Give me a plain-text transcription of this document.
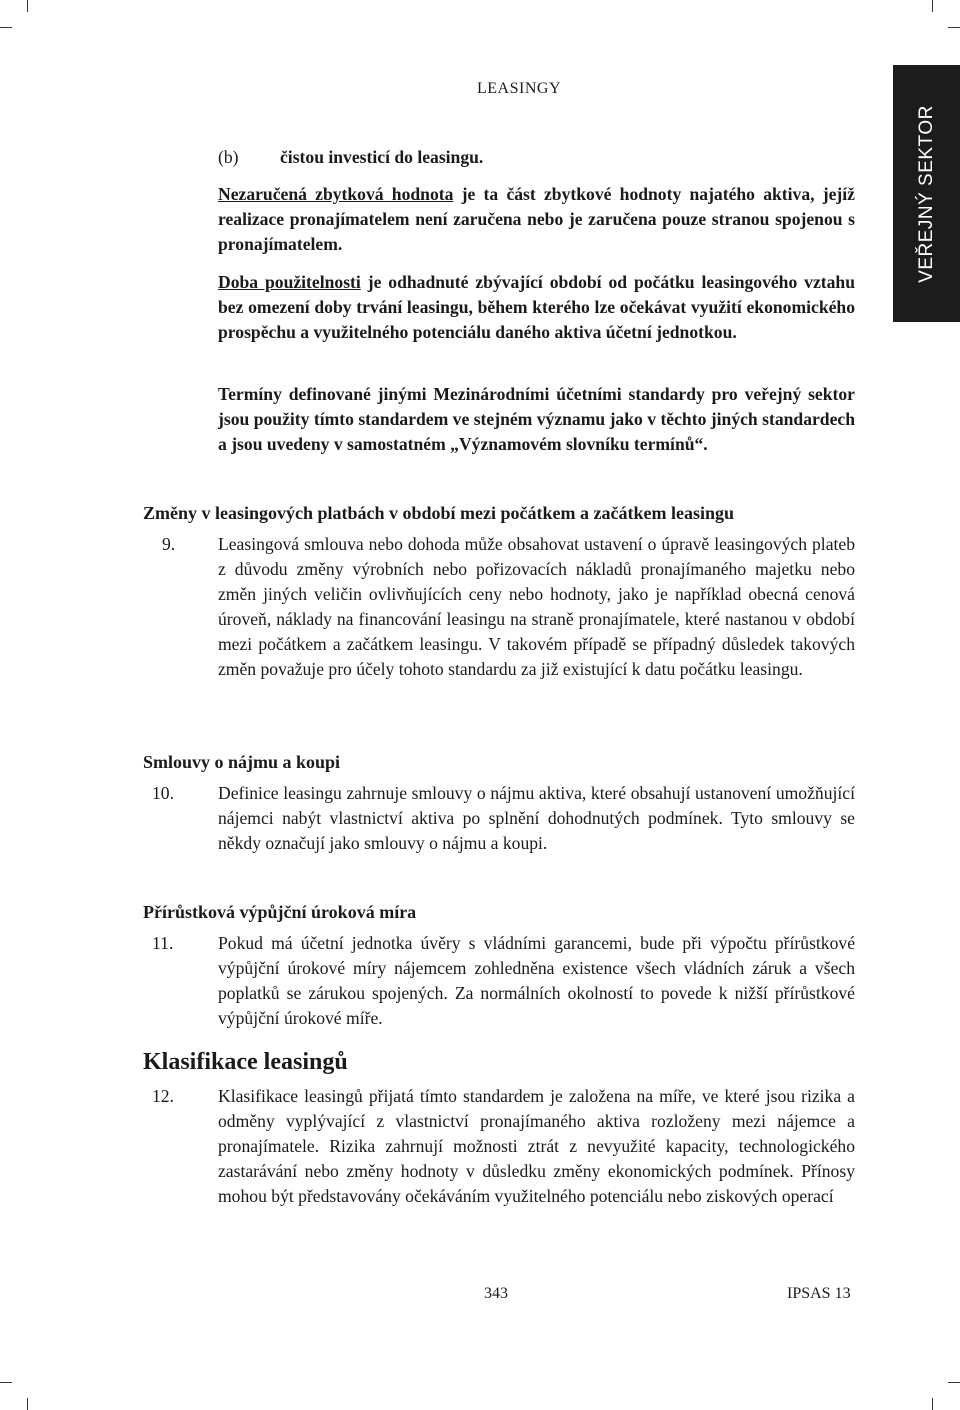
LEASINGY
VEŘEJNÝ SEKTOR
(b) čistou investicí do leasingu.
Nezaručená zbytková hodnota je ta část zbytkové hodnoty najatého aktiva, jejíž realizace pronajímatelem není zaručena nebo je zaručena pouze stranou spojenou s pronajímatelem.
Doba použitelnosti je odhadnuté zbývající období od počátku leasingového vztahu bez omezení doby trvání leasingu, během kterého lze očekávat využití ekonomického prospěchu a využitelného potenciálu daného aktiva účetní jednotkou.
Termíny definované jinými Mezinárodními účetními standardy pro veřejný sektor jsou použity tímto standardem ve stejném významu jako v těchto jiných standardech a jsou uvedeny v samostatném „Významovém slovníku termínů“.
Změny v leasingových platbách v období mezi počátkem a začátkem leasingu
9. Leasingová smlouva nebo dohoda může obsahovat ustavení o úpravě leasingových plateb z důvodu změny výrobních nebo pořizovacích nákladů pronajímaného majetku nebo změn jiných veličin ovlivňujících ceny nebo hodnoty, jako je například obecná cenová úroveň, náklady na financování leasingu na straně pronajímatele, které nastanou v období mezi počátkem a začátkem leasingu. V takovém případě se případný důsledek takových změn považuje pro účely tohoto standardu za již existující k datu počátku leasingu.
Smlouvy o nájmu a koupi
10.	Definice leasingu zahrnuje smlouvy o nájmu aktiva, které obsahují ustanovení umožňující nájemci nabýt vlastnictví aktiva po splnění dohodnutých podmínek. Tyto smlouvy se někdy označují jako smlouvy o nájmu a koupi.
Přírůstková výpůjční úroková míra
11.	Pokud má účetní jednotka úvěry s vládními garancemi, bude při výpočtu přírůstkové výpůjční úrokové míry nájemcem zohledněna existence všech vládních záruk a všech poplatků se zárukou spojených. Za normálních okolností to povede k nižší přírůstkové výpůjční úrokové míře.
Klasifikace leasingů
12.	Klasifikace leasingů přijatá tímto standardem je založena na míře, ve které jsou rizika a odměny vyplývající z vlastnictví pronajímaného aktiva rozloženy mezi nájemce a pronajímatele. Rizika zahrnují možnosti ztrát z nevyužité kapacity, technologického zastarávání nebo změny hodnoty v důsledku změny ekonomických podmínek. Přínosy mohou být představovány očekáváním využitelného potenciálu nebo ziskových operací
343	IPSAS 13
